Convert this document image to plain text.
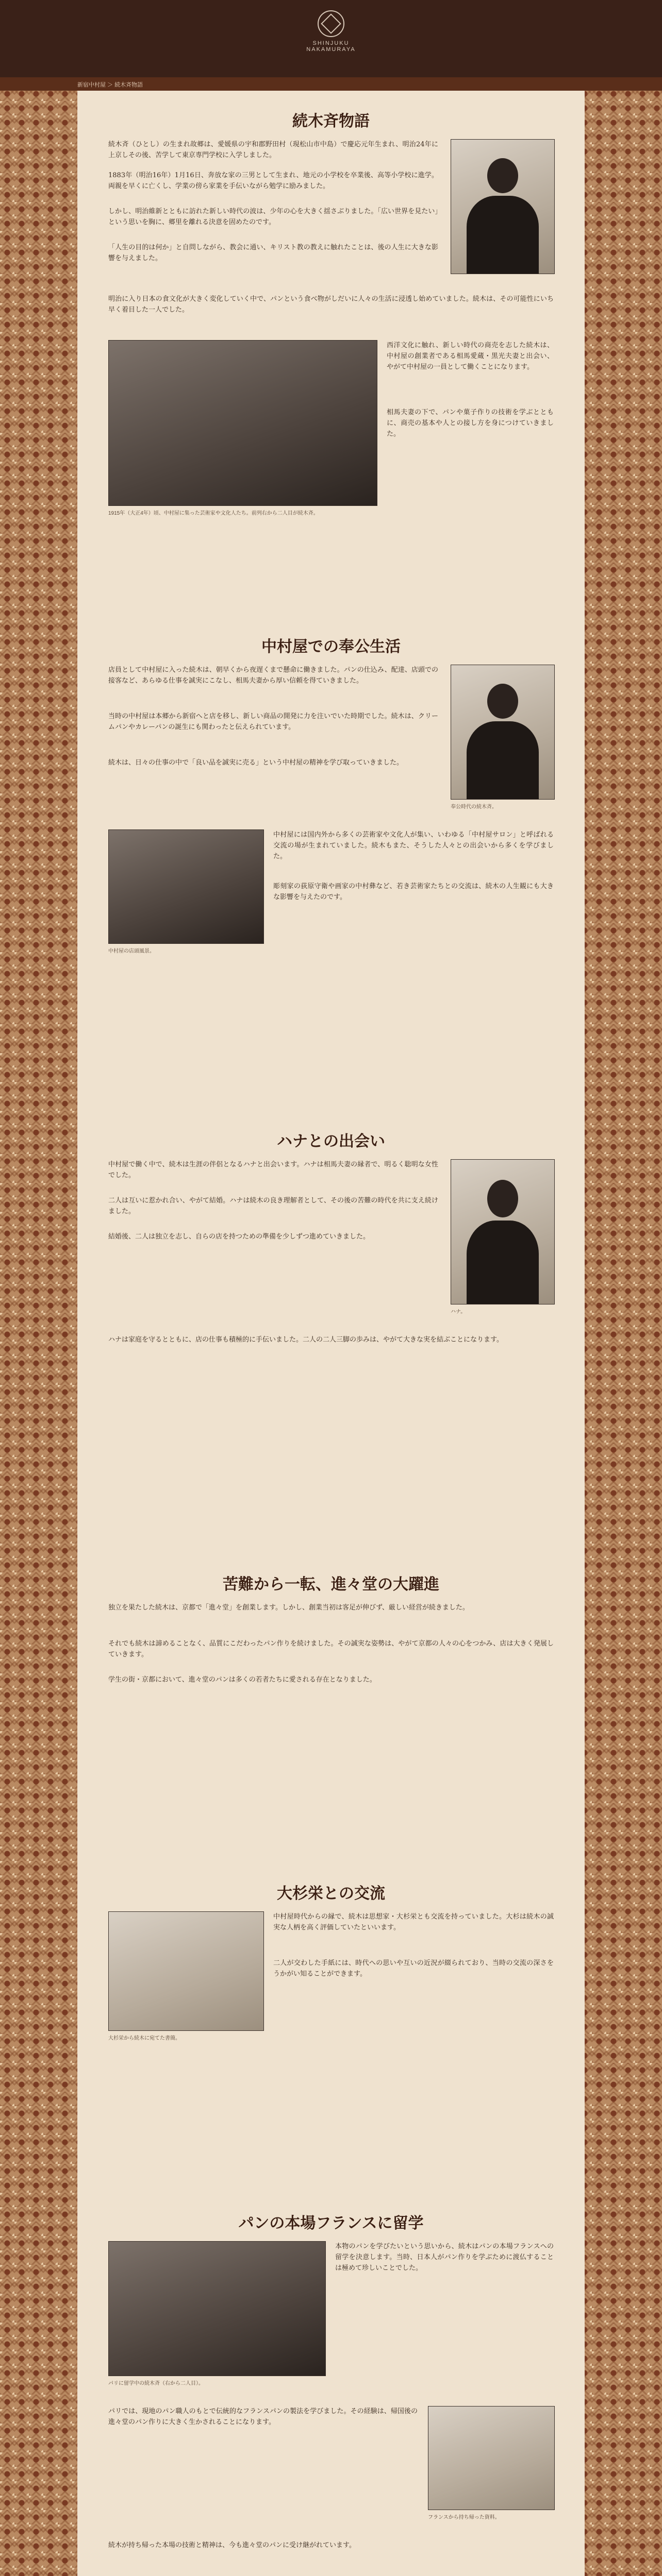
SHINJUKU NAKAMURAYA
新宿中村屋 ＞ 続木斉物語
続木斉物語
続木斉（ひとし）の生まれ故郷は、愛媛県の宇和郡野田村（現松山市中島）で慶応元年生まれ、明治24年に上京しその後、苦学して東京専門学校に入学しました。
1883年（明治16年）1月16日、奔放な家の三男として生まれ、地元の小学校を卒業後、高等小学校に進学。両親を早くに亡くし、学業の傍ら家業を手伝いながら勉学に励みました。
しかし、明治維新とともに訪れた新しい時代の波は、少年の心を大きく揺さぶりました。「広い世界を見たい」という思いを胸に、郷里を離れる決意を固めたのです。
「人生の目的は何か」と自問しながら、教会に通い、キリスト教の教えに触れたことは、後の人生に大きな影響を与えました。
明治に入り日本の食文化が大きく変化していく中で、パンという食べ物がしだいに人々の生活に浸透し始めていました。続木は、その可能性にいち早く着目した一人でした。
1915年（大正4年）頃、中村屋に集った芸術家や文化人たち。前列右から二人目が続木斉。
西洋文化に触れ、新しい時代の商売を志した続木は、中村屋の創業者である相馬愛蔵・黒光夫妻と出会い、やがて中村屋の一員として働くことになります。
相馬夫妻の下で、パンや菓子作りの技術を学ぶとともに、商売の基本や人との接し方を身につけていきました。
中村屋での奉公生活
店員として中村屋に入った続木は、朝早くから夜遅くまで懸命に働きました。パンの仕込み、配達、店頭での接客など、あらゆる仕事を誠実にこなし、相馬夫妻から厚い信頼を得ていきました。
当時の中村屋は本郷から新宿へと店を移し、新しい商品の開発に力を注いでいた時期でした。続木は、クリームパンやカレーパンの誕生にも関わったと伝えられています。
続木は、日々の仕事の中で「良い品を誠実に売る」という中村屋の精神を学び取っていきました。
奉公時代の続木斉。
中村屋の店頭風景。
中村屋には国内外から多くの芸術家や文化人が集い、いわゆる「中村屋サロン」と呼ばれる交流の場が生まれていました。続木もまた、そうした人々との出会いから多くを学びました。
彫刻家の荻原守衛や画家の中村彝など、若き芸術家たちとの交流は、続木の人生観にも大きな影響を与えたのです。
ハナとの出会い
中村屋で働く中で、続木は生涯の伴侶となるハナと出会います。ハナは相馬夫妻の縁者で、明るく聡明な女性でした。
二人は互いに惹かれ合い、やがて結婚。ハナは続木の良き理解者として、その後の苦難の時代を共に支え続けました。
結婚後、二人は独立を志し、自らの店を持つための準備を少しずつ進めていきました。
ハナ。
ハナは家庭を守るとともに、店の仕事も積極的に手伝いました。二人の二人三脚の歩みは、やがて大きな実を結ぶことになります。
苦難から一転、進々堂の大躍進
独立を果たした続木は、京都で「進々堂」を創業します。しかし、創業当初は客足が伸びず、厳しい経営が続きました。
それでも続木は諦めることなく、品質にこだわったパン作りを続けました。その誠実な姿勢は、やがて京都の人々の心をつかみ、店は大きく発展していきます。
学生の街・京都において、進々堂のパンは多くの若者たちに愛される存在となりました。
大杉栄との交流
大杉栄から続木に宛てた書簡。
中村屋時代からの縁で、続木は思想家・大杉栄とも交流を持っていました。大杉は続木の誠実な人柄を高く評価していたといいます。
二人が交わした手紙には、時代への思いや互いの近況が綴られており、当時の交流の深さをうかがい知ることができます。
パンの本場フランスに留学
パリに留学中の続木斉（右から二人目）。
本物のパンを学びたいという思いから、続木はパンの本場フランスへの留学を決意します。当時、日本人がパン作りを学ぶために渡仏することは極めて珍しいことでした。
パリでは、現地のパン職人のもとで伝統的なフランスパンの製法を学びました。その経験は、帰国後の進々堂のパン作りに大きく生かされることになります。
フランスから持ち帰った資料。
続木が持ち帰った本場の技術と精神は、今も進々堂のパンに受け継がれています。
